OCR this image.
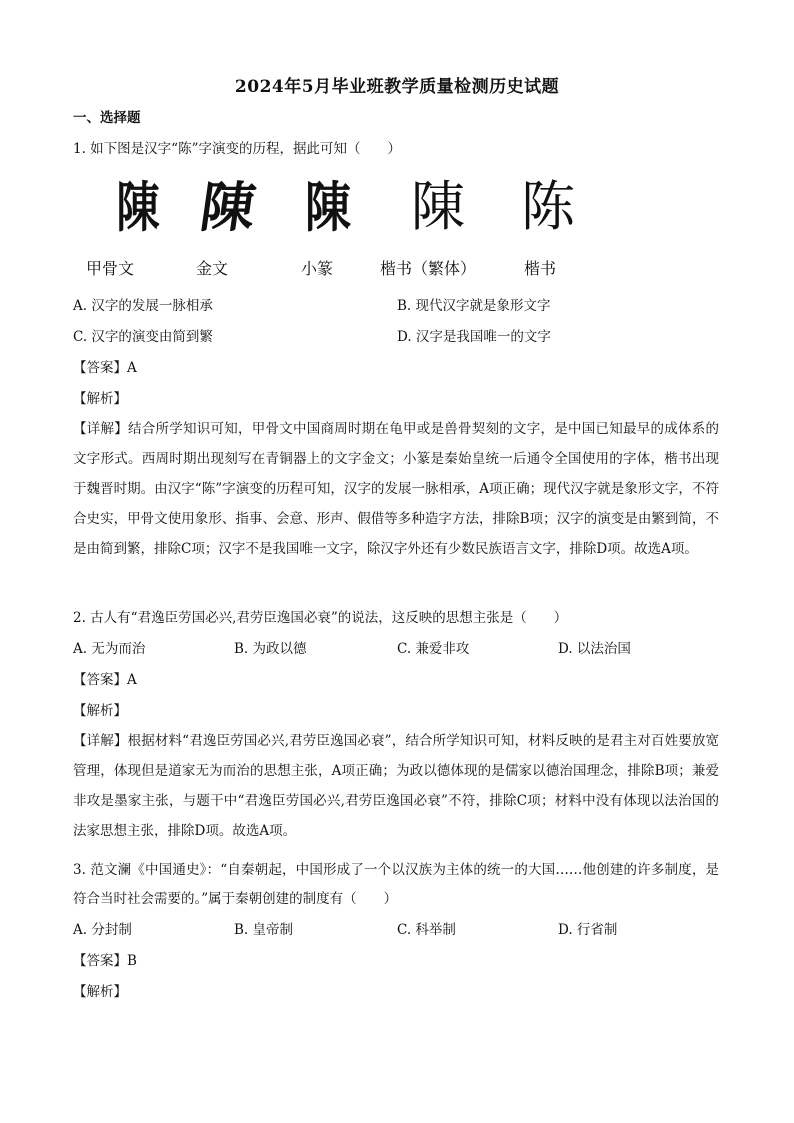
2024年5月毕业班教学质量检测历史试题
一、选择题
1. 如下图是汉字“陈”字演变的历程，据此可知（　　）
陳 陳 陳	陳	陈
甲骨文	金文	小篆	楷书（繁体）	楷书
A. 汉字的发展一脉相承	B. 现代汉字就是象形文字
C. 汉字的演变由简到繁	D. 汉字是我国唯一的文字
【答案】A
【解析】
【详解】结合所学知识可知，甲骨文中国商周时期在龟甲或是兽骨契刻的文字，是中国已知最早的成体系的文字形式。西周时期出现刻写在青铜器上的文字金文；小篆是秦始皇统一后通令全国使用的字体，楷书出现于魏晋时期。由汉字“陈”字演变的历程可知，汉字的发展一脉相承，A项正确；现代汉字就是象形文字，不符合史实，甲骨文使用象形、指事、会意、形声、假借等多种造字方法，排除B项；汉字的演变是由繁到简，不是由简到繁，排除C项；汉字不是我国唯一文字，除汉字外还有少数民族语言文字，排除D项。故选A项。
2. 古人有“君逸臣劳国必兴,君劳臣逸国必衰”的说法，这反映的思想主张是（　　）
A. 无为而治	B. 为政以德	C. 兼爱非攻	D. 以法治国
【答案】A
【解析】
【详解】根据材料“君逸臣劳国必兴,君劳臣逸国必衰”，结合所学知识可知，材料反映的是君主对百姓要放宽管理，体现但是道家无为而治的思想主张，A项正确；为政以德体现的是儒家以德治国理念，排除B项；兼爱非攻是墨家主张，与题干中“君逸臣劳国必兴,君劳臣逸国必衰”不符，排除C项；材料中没有体现以法治国的法家思想主张，排除D项。故选A项。
3. 范文澜《中国通史》：“自秦朝起，中国形成了一个以汉族为主体的统一的大国……他创建的许多制度，是符合当时社会需要的。”属于秦朝创建的制度有（　　）
A. 分封制	B. 皇帝制	C. 科举制	D. 行省制
【答案】B
【解析】
